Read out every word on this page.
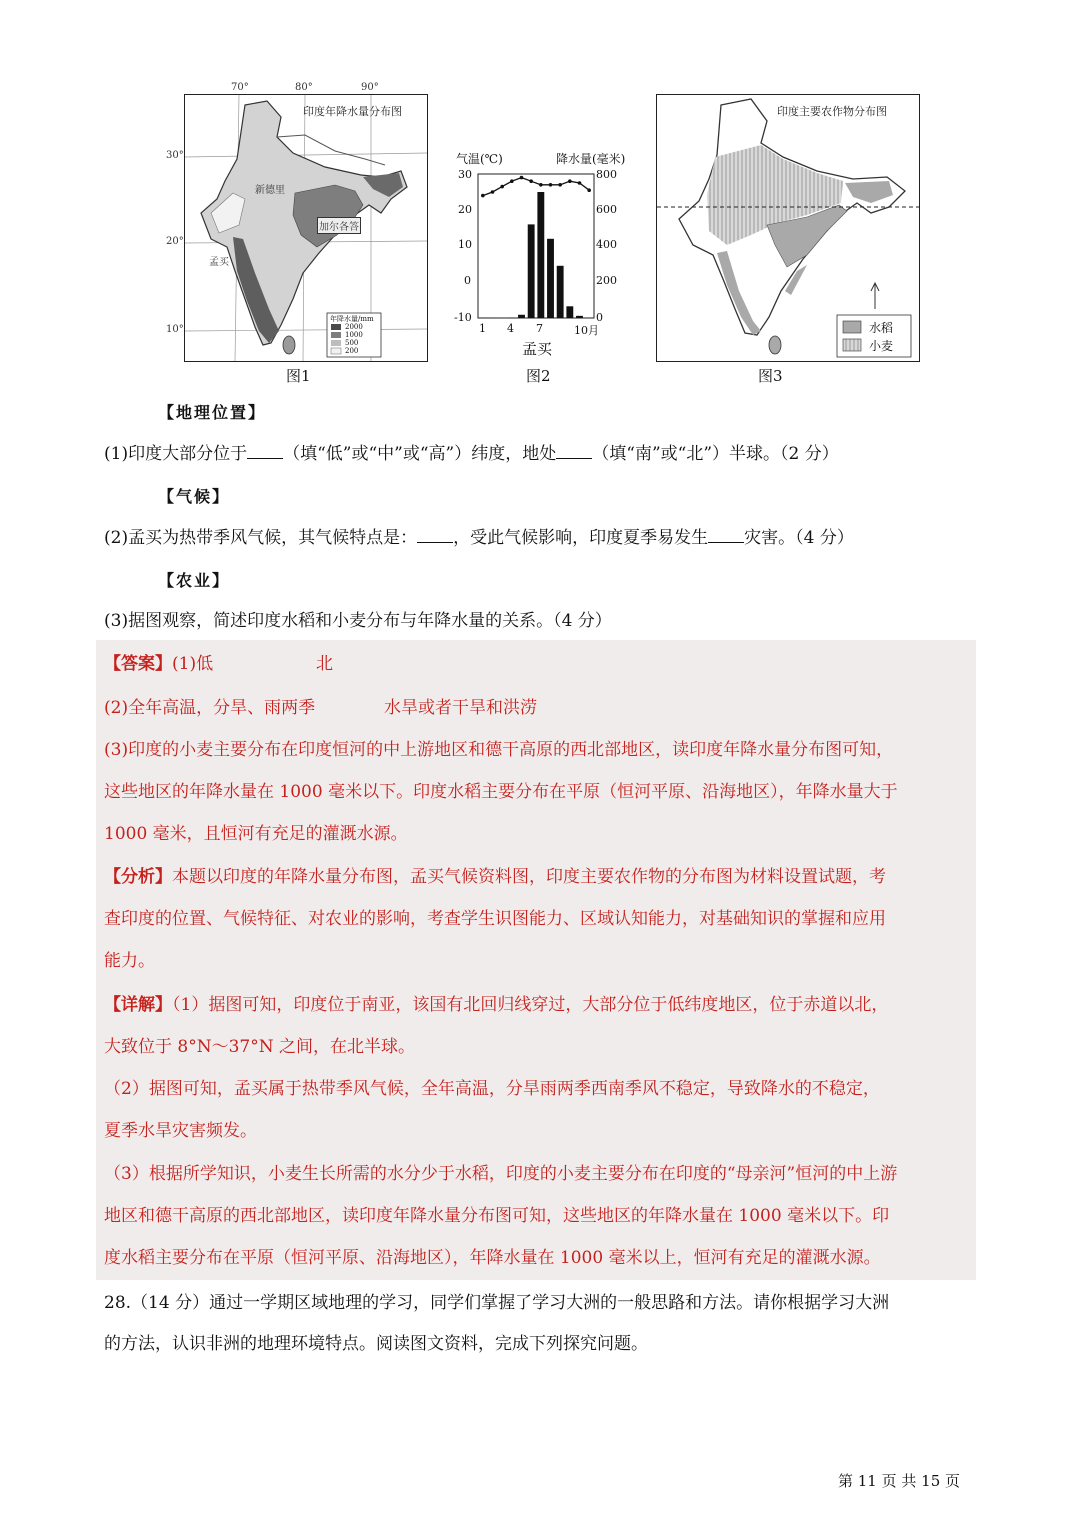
印度年降水量分布图
新德里
加尔各答
孟买
年降水量/mm
2000
1000
500
200
70°	80°	90°
30°
20°
10°
图1
气温(℃)	降水量(毫米)
30
20
10
0
-10
800
600
400
200
0
1 4 7	10月
孟买
图2
印度主要农作物分布图
水稻
小麦
图3
【地理位置】
(1)印度大部分位于 （填“低”或“中”或“高”）纬度，地处 （填“南”或“北”）半球。（2 分）
【气候】
(2)孟买为热带季风气候，其气候特点是： ，受此气候影响，印度夏季易发生 灾害。（4 分）
【农业】
(3)据图观察，简述印度水稻和小麦分布与年降水量的关系。（4 分）
【答案】(1)低	北
(2)全年高温，分旱、雨两季	水旱或者干旱和洪涝
(3)印度的小麦主要分布在印度恒河的中上游地区和德干高原的西北部地区，读印度年降水量分布图可知，
这些地区的年降水量在 1000 毫米以下。印度水稻主要分布在平原（恒河平原、沿海地区），年降水量大于
1000 毫米，且恒河有充足的灌溉水源。
【分析】本题以印度的年降水量分布图，孟买气候资料图，印度主要农作物的分布图为材料设置试题，考
查印度的位置、气候特征、对农业的影响，考查学生识图能力、区域认知能力，对基础知识的掌握和应用
能力。
【详解】（1）据图可知，印度位于南亚，该国有北回归线穿过，大部分位于低纬度地区，位于赤道以北，
大致位于 8°N～37°N 之间，在北半球。
（2）据图可知，孟买属于热带季风气候，全年高温，分旱雨两季西南季风不稳定，导致降水的不稳定，
夏季水旱灾害频发。
（3）根据所学知识，小麦生长所需的水分少于水稻，印度的小麦主要分布在印度的“母亲河”恒河的中上游
地区和德干高原的西北部地区，读印度年降水量分布图可知，这些地区的年降水量在 1000 毫米以下。印
度水稻主要分布在平原（恒河平原、沿海地区），年降水量在 1000 毫米以上，恒河有充足的灌溉水源。
28.（14 分）通过一学期区域地理的学习，同学们掌握了学习大洲的一般思路和方法。请你根据学习大洲
的方法，认识非洲的地理环境特点。阅读图文资料，完成下列探究问题。
第 11 页 共 15 页
